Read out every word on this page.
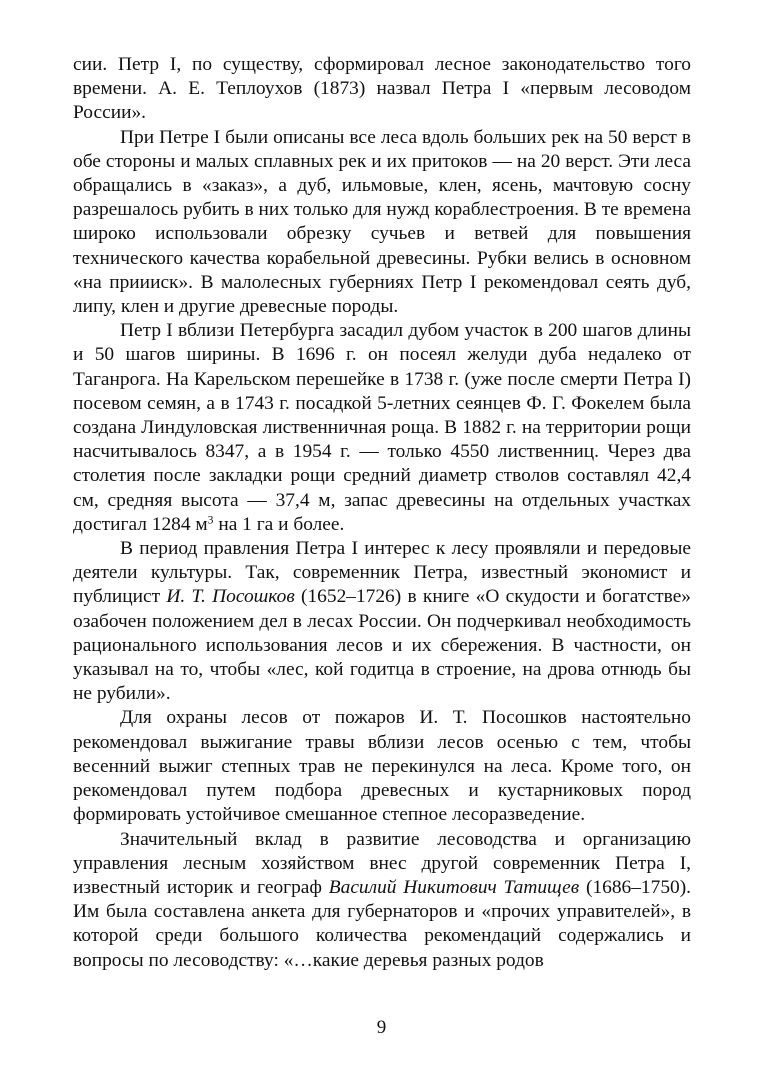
сии. Петр I, по существу, сформировал лесное законодательство того времени. А. Е. Теплоухов (1873) назвал Петра I «первым лесоводом России».

При Петре I были описаны все леса вдоль больших рек на 50 верст в обе стороны и малых сплавных рек и их притоков — на 20 верст. Эти леса обращались в «заказ», а дуб, ильмовые, клен, ясень, мачтовую сосну разрешалось рубить в них только для нужд кораблестроения. В те времена широко использовали обрезку сучьев и ветвей для повышения технического качества корабельной древесины. Рубки велись в основном «на приииск». В малолесных губерниях Петр I рекомендовал сеять дуб, липу, клен и другие древесные породы.

Петр I вблизи Петербурга засадил дубом участок в 200 шагов длины и 50 шагов ширины. В 1696 г. он посеял желуди дуба недалеко от Таганрога. На Карельском перешейке в 1738 г. (уже после смерти Петра I) посевом семян, а в 1743 г. посадкой 5-летних сеянцев Ф. Г. Фокелем была создана Линдуловская лиственничная роща. В 1882 г. на территории рощи насчитывалось 8347, а в 1954 г. — только 4550 лиственниц. Через два столетия после закладки рощи средний диаметр стволов составлял 42,4 см, средняя высота — 37,4 м, запас древесины на отдельных участках достигал 1284 $м^3$ на 1 га и более.

В период правления Петра I интерес к лесу проявляли и передовые деятели культуры. Так, современник Петра, известный экономист и публицист И. Т. Посошков (1652–1726) в книге «О скудости и богатстве» озабочен положением дел в лесах России. Он подчеркивал необходимость рационального использования лесов и их сбережения. В частности, он указывал на то, чтобы «лес, кой годитца в строение, на дрова отнюдь бы не рубили».

Для охраны лесов от пожаров И. Т. Посошков настоятельно рекомендовал выжигание травы вблизи лесов осенью с тем, чтобы весенний выжиг степных трав не перекинулся на леса. Кроме того, он рекомендовал путем подбора древесных и кустарниковых пород формировать устойчивое смешанное степное лесоразведение.

Значительный вклад в развитие лесоводства и организацию управления лесным хозяйством внес другой современник Петра I, известный историк и географ Василий Никитович Татищев (1686–1750). Им была составлена анкета для губернаторов и «прочих управителей», в которой среди большого количества рекомендаций содержались и вопросы по лесоводству: «…какие деревья разных родов

9
